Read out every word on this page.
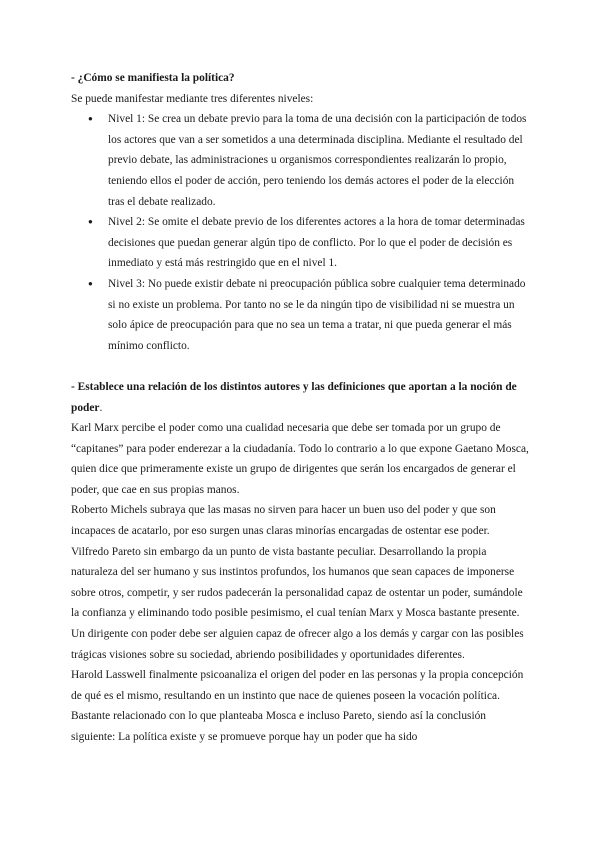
- ¿Cómo se manifiesta la política?

Se puede manifestar mediante tres diferentes niveles:

● Nivel 1: Se crea un debate previo para la toma de una decisión con la participación de todos los actores que van a ser sometidos a una determinada disciplina. Mediante el resultado del previo debate, las administraciones u organismos correspondientes realizarán lo propio, teniendo ellos el poder de acción, pero teniendo los demás actores el poder de la elección tras el debate realizado.
● Nivel 2: Se omite el debate previo de los diferentes actores a la hora de tomar determinadas decisiones que puedan generar algún tipo de conflicto. Por lo que el poder de decisión es inmediato y está más restringido que en el nivel 1.
● Nivel 3: No puede existir debate ni preocupación pública sobre cualquier tema determinado si no existe un problema. Por tanto no se le da ningún tipo de visibilidad ni se muestra un solo ápice de preocupación para que no sea un tema a tratar, ni que pueda generar el más mínimo conflicto.

- Establece una relación de los distintos autores y las definiciones que aportan a la noción de poder.

Karl Marx percibe el poder como una cualidad necesaria que debe ser tomada por un grupo de “capitanes” para poder enderezar a la ciudadanía. Todo lo contrario a lo que expone Gaetano Mosca, quien dice que primeramente existe un grupo de dirigentes que serán los encargados de generar el poder, que cae en sus propias manos.

Roberto Michels subraya que las masas no sirven para hacer un buen uso del poder y que son incapaces de acatarlo, por eso surgen unas claras minorías encargadas de ostentar ese poder.

Vilfredo Pareto sin embargo da un punto de vista bastante peculiar. Desarrollando la propia naturaleza del ser humano y sus instintos profundos, los humanos que sean capaces de imponerse sobre otros, competir, y ser rudos padecerán la personalidad capaz de ostentar un poder, sumándole la confianza y eliminando todo posible pesimismo, el cual tenían Marx y Mosca bastante presente. Un dirigente con poder debe ser alguien capaz de ofrecer algo a los demás y cargar con las posibles trágicas visiones sobre su sociedad, abriendo posibilidades y oportunidades diferentes.

Harold Lasswell finalmente psicoanaliza el origen del poder en las personas y la propia concepción de qué es el mismo, resultando en un instinto que nace de quienes poseen la vocación política. Bastante relacionado con lo que planteaba Mosca e incluso Pareto, siendo así la conclusión siguiente: La política existe y se promueve porque hay un poder que ha sido
